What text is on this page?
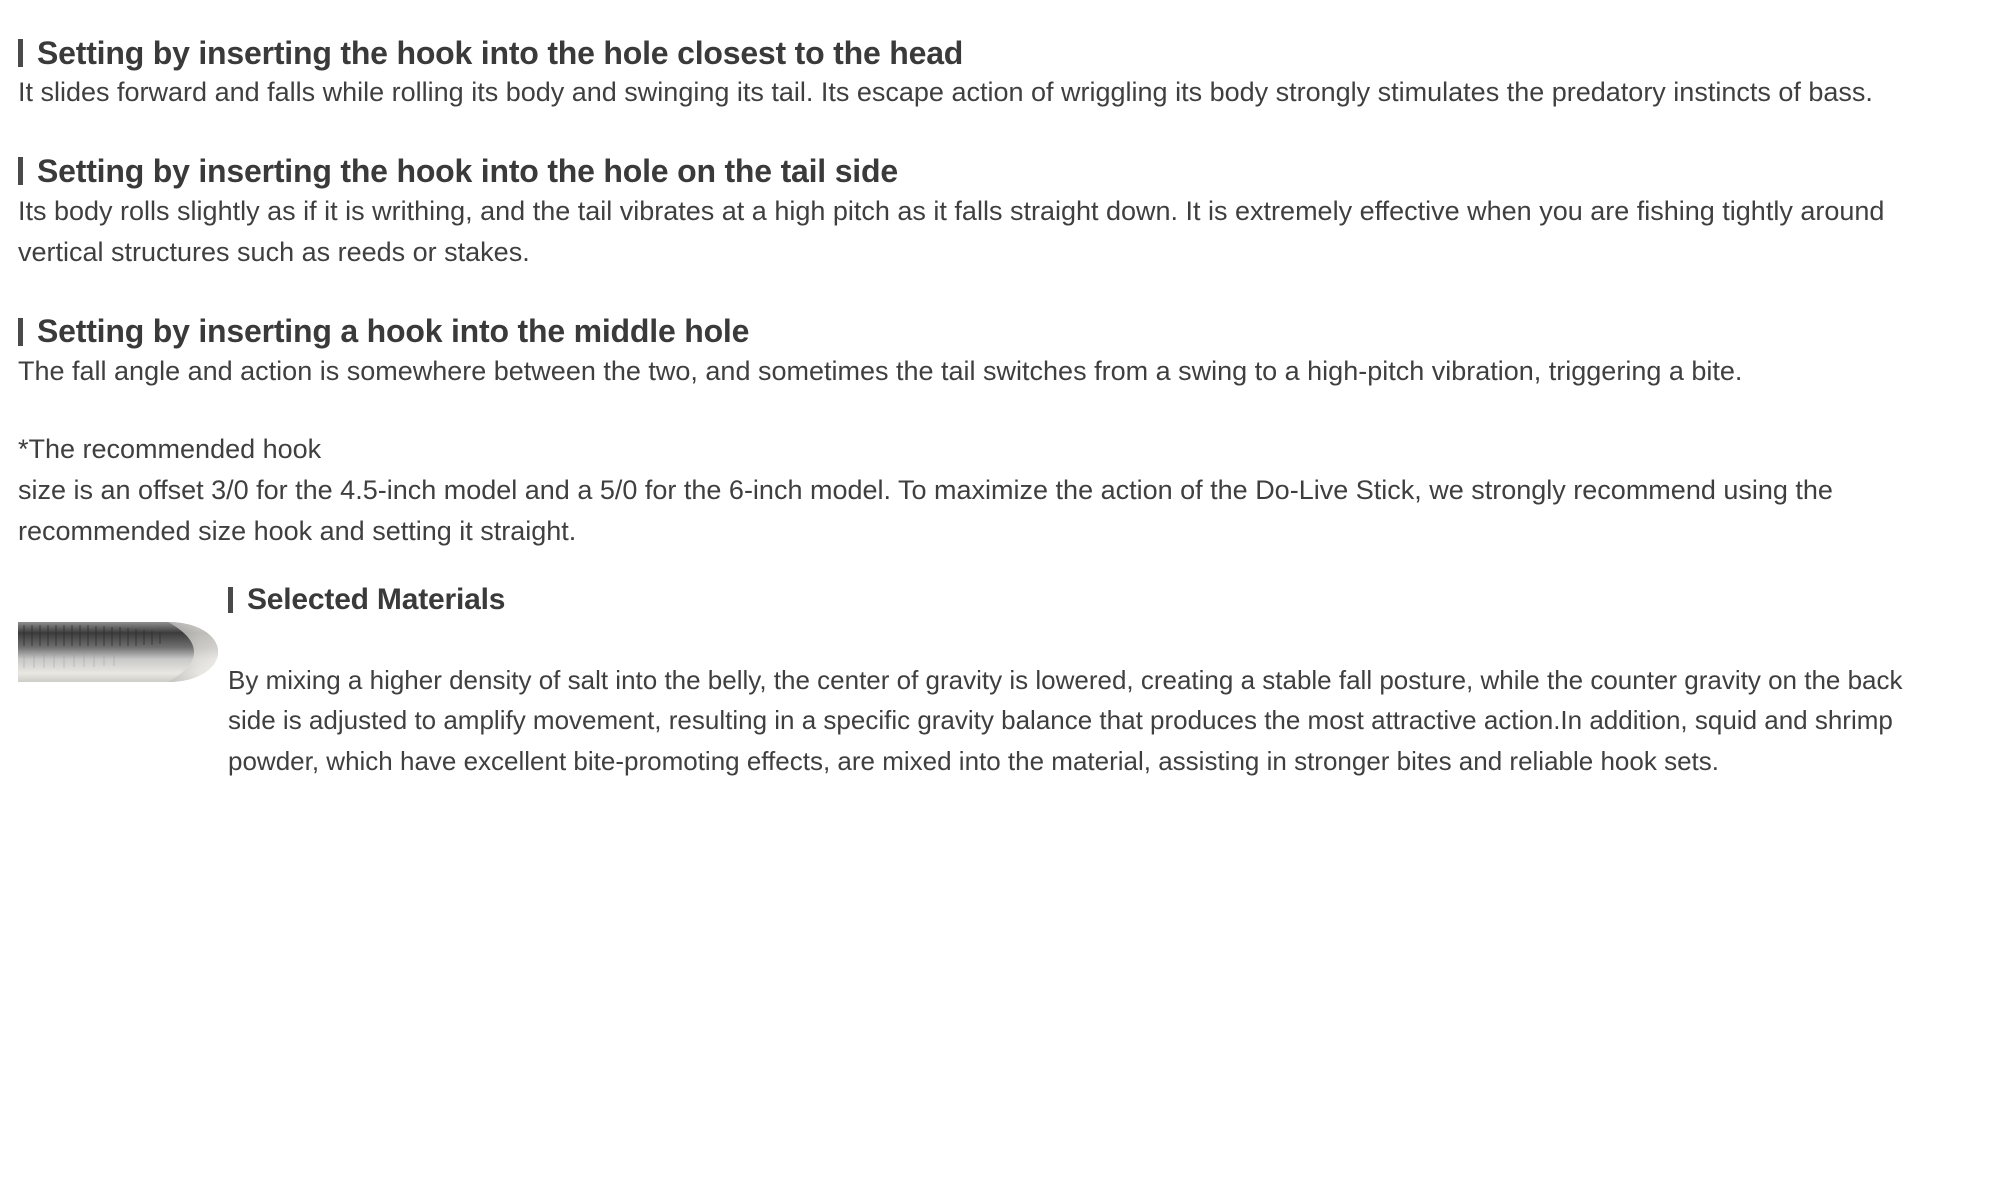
Setting by inserting the hook into the hole closest to the head

It slides forward and falls while rolling its body and swinging its tail. Its escape action of wriggling its body strongly stimulates the predatory instincts of bass.

Setting by inserting the hook into the hole on the tail side

Its body rolls slightly as if it is writhing, and the tail vibrates at a high pitch as it falls straight down. It is extremely effective when you are fishing tightly around vertical structures such as reeds or stakes.

Setting by inserting a hook into the middle hole

The fall angle and action is somewhere between the two, and sometimes the tail switches from a swing to a high-pitch vibration, triggering a bite.

*The recommended hook
size is an offset 3/0 for the 4.5-inch model and a 5/0 for the 6-inch model. To maximize the action of the Do-Live Stick, we strongly recommend using the recommended size hook and setting it straight.
Selected Materials

By mixing a higher density of salt into the belly, the center of gravity is lowered, creating a stable fall posture, while the counter gravity on the back side is adjusted to amplify movement, resulting in a specific gravity balance that produces the most attractive action.In addition, squid and shrimp powder, which have excellent bite-promoting effects, are mixed into the material, assisting in stronger bites and reliable hook sets.
